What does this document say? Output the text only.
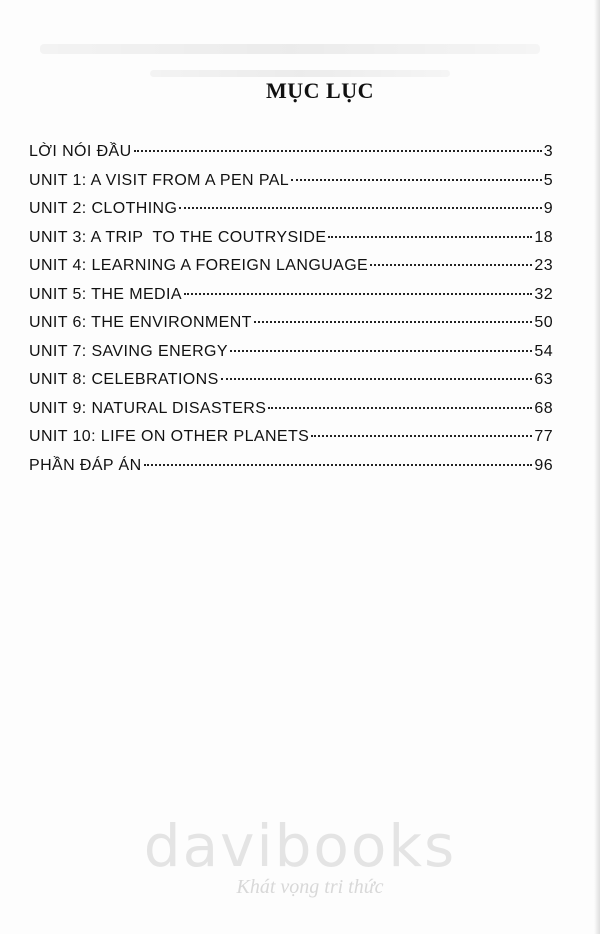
MỤC LỤC
LỜI NÓI ĐẦU	3
UNIT 1: A VISIT FROM A PEN PAL	5
UNIT 2: CLOTHING	9
UNIT 3: A TRIP  TO THE COUTRYSIDE	18
UNIT 4: LEARNING A FOREIGN LANGUAGE	23
UNIT 5: THE MEDIA	32
UNIT 6: THE ENVIRONMENT	50
UNIT 7: SAVING ENERGY	54
UNIT 8: CELEBRATIONS	63
UNIT 9: NATURAL DISASTERS	68
UNIT 10: LIFE ON OTHER PLANETS	77
PHẦN ĐÁP ÁN	96
davibooks
Khát vọng tri thức
